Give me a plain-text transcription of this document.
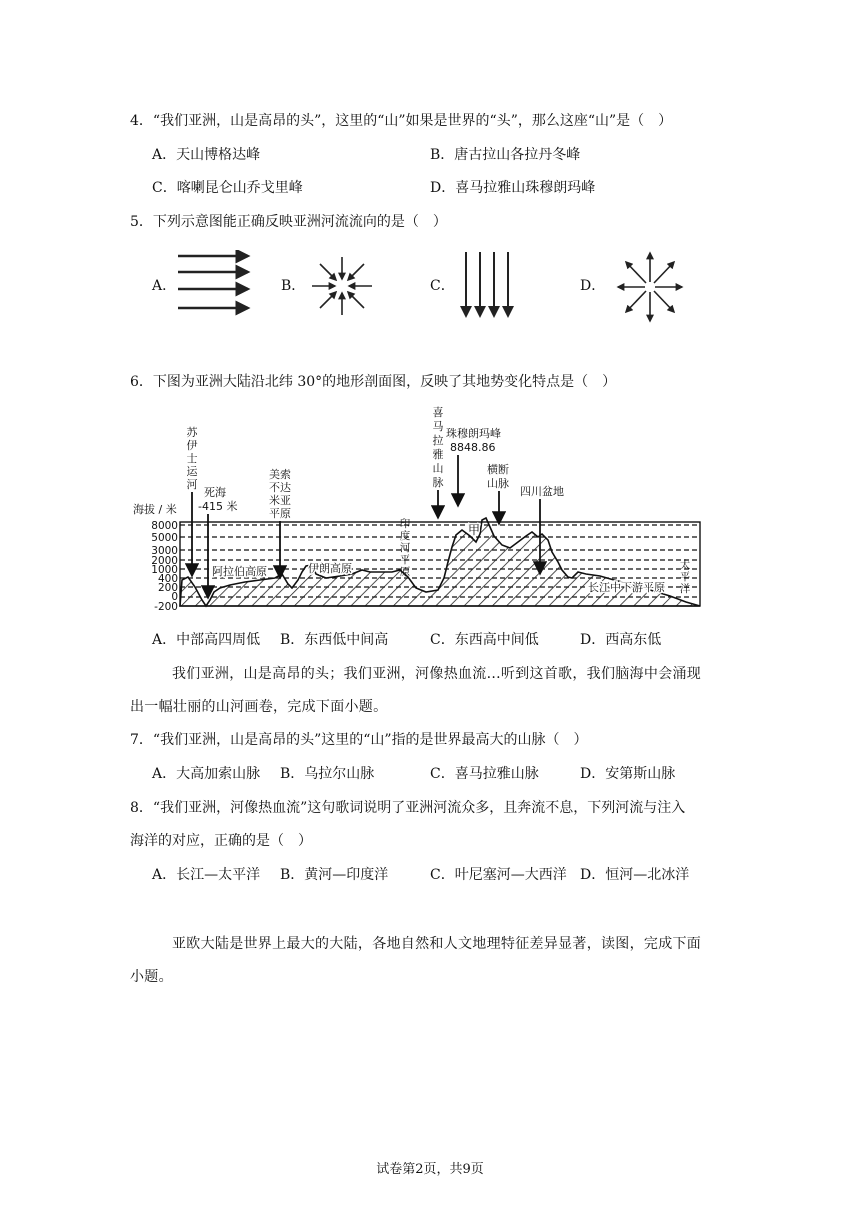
4．“我们亚洲，山是高昂的头”，这里的“山”如果是世界的“头”，那么这座“山”是（　）
A．天山博格达峰	B．唐古拉山各拉丹冬峰
C．喀喇昆仑山乔戈里峰	D．喜马拉雅山珠穆朗玛峰
5．下列示意图能正确反映亚洲河流流向的是（　）
A．	B．	C．	D．
6．下图为亚洲大陆沿北纬 30°的地形剖面图，反映了其地势变化特点是（　）
海拔 / 米
8000
5000
3000
2000
1000
400
200
0
-200
阿拉伯高原	伊朗高原
长江中下游平原
甲
太
平
洋
印
度
河
平
原
苏
伊
士
运
河
死海
-415 米
美索
不达
米亚
平原
喜
马
拉
雅
山
脉
珠穆朗玛峰
8848.86
横断
山脉
四川盆地
A．中部高四周低 B．东西低中间高	C．东西高中间低	D．西高东低
我们亚洲，山是高昂的头；我们亚洲，河像热血流...听到这首歌，我们脑海中会涌现
出一幅壮丽的山河画卷，完成下面小题。
7．“我们亚洲，山是高昂的头”这里的“山”指的是世界最高大的山脉（　）
A．大高加索山脉 B．乌拉尔山脉	C．喜马拉雅山脉	D．安第斯山脉
8．“我们亚洲，河像热血流”这句歌词说明了亚洲河流众多，且奔流不息，下列河流与注入
海洋的对应，正确的是（　）
A．长江—太平洋 B．黄河—印度洋	C．叶尼塞河—大西洋 D．恒河—北冰洋
亚欧大陆是世界上最大的大陆，各地自然和人文地理特征差异显著，读图，完成下面
小题。
试卷第2页，共9页
